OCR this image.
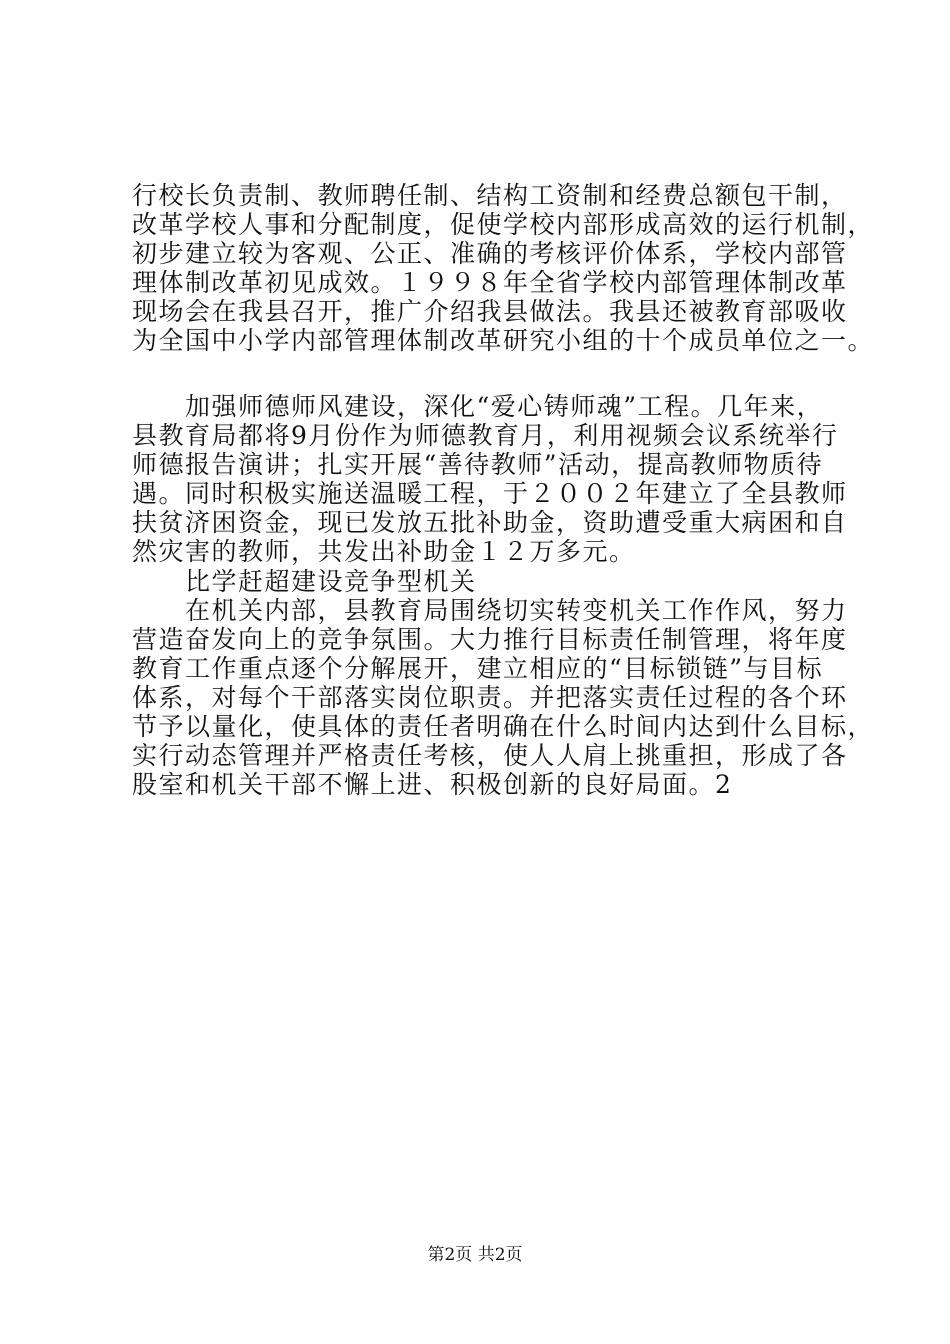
行校长负责制、教师聘任制、结构工资制和经费总额包干制，
改革学校人事和分配制度，促使学校内部形成高效的运行机制，
初步建立较为客观、公正、准确的考核评价体系，学校内部管
理体制改革初见成效。１９９８年全省学校内部管理体制改革
现场会在我县召开，推广介绍我县做法。我县还被教育部吸收
为全国中小学内部管理体制改革研究小组的十个成员单位之一。
　　加强师德师风建设，深化“爱心铸师魂”工程。几年来，
县教育局都将9月份作为师德教育月，利用视频会议系统举行
师德报告演讲；扎实开展“善待教师”活动，提高教师物质待
遇。同时积极实施送温暖工程，于２００２年建立了全县教师
扶贫济困资金，现已发放五批补助金，资助遭受重大病困和自
然灾害的教师，共发出补助金１２万多元。
　　比学赶超建设竞争型机关
　　在机关内部，县教育局围绕切实转变机关工作作风，努力
营造奋发向上的竞争氛围。大力推行目标责任制管理，将年度
教育工作重点逐个分解展开，建立相应的“目标锁链”与目标
体系，对每个干部落实岗位职责。并把落实责任过程的各个环
节予以量化，使具体的责任者明确在什么时间内达到什么目标，
实行动态管理并严格责任考核，使人人肩上挑重担，形成了各
股室和机关干部不懈上进、积极创新的良好局面。2
第2页 共2页
